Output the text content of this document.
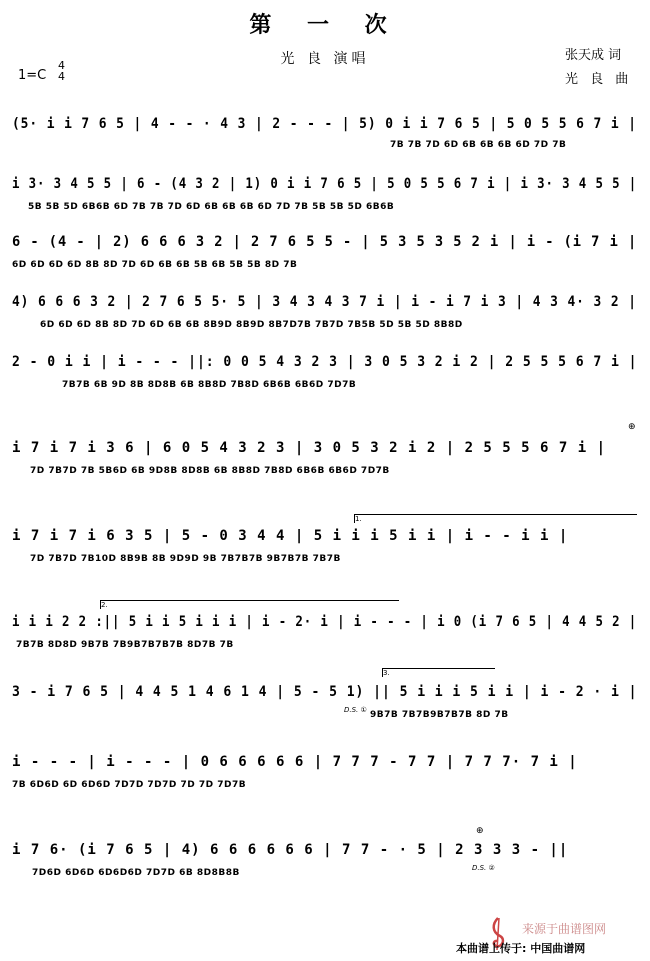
第 一 次
光 良 演唱	张天成 词
光 良 曲
1=C
4
4
(5· i i 7 6 5 | 4 - - · 4 3 | 2 - - - | 5) 0 i i 7 6 5 | 5 0 5 5 6 7 i |
7B 7B 7D 6D 6B 6B 6B 6D 7D 7B
i 3· 3 4 5 5 | 6 - (4 3 2 | 1) 0 i i 7 6 5 | 5 0 5 5 6 7 i | i 3· 3 4 5 5 |
5B 5B 5D 6B6B 6D 7B 7B 7D 6D 6B 6B 6B 6D 7D 7B 5B 5B 5D 6B6B
6 - (4 - | 2) 6 6 6 3 2 | 2 7 6 5 5 - | 5 3 5 3 5 2 i | i - (i 7 i |
6D 6D 6D 6D 8B 8D 7D 6D 6B 6B 5B 6B 5B 5B 8D 7B
4) 6 6 6 3 2 | 2 7 6 5 5· 5 | 3 4 3 4 3 7 i | i - i 7 i 3 | 4 3 4· 3 2 |
6D 6D 6D 8B 8D 7D 6D 6B 6B 8B9D 8B9D 8B7D7B 7B7D 7B5B 5D 5B 5D 8B8D
2 - 0 i i | i - - - ||: 0 0 5 4 3 2 3 | 3 0 5 3 2 i 2 | 2 5 5 5 6 7 i |
7B7B 6B 9D 8B 8D8B 6B 8B8D 7B8D 6B6B 6B6D 7D7B
i 7 i 7 i 3 6 | 6 0 5 4 3 2 3 | 3 0 5 3 2 i 2 | 2 5 5 5 6 7 i |
7D 7B7D 7B 5B6D 6B 9D8B 8D8B 6B 8B8D 7B8D 6B6B 6B6D 7D7B
1.
i 7 i 7 i 6 3 5 | 5 - 0 3 4 4 | 5 i i i 5 i i | i - - i i |
7D 7B7D 7B10D 8B9B 8B 9D9D 9B 7B7B7B 9B7B7B 7B7B
2.
i i i 2 2 :|| 5 i i 5 i i i | i - 2· i | i - - - | i 0 (i 7 6 5 | 4 4 5 2 |
7B7B 8D8D 9B7B 7B9B7B7B7B 8D7B 7B
3.
3 - i 7 6 5 | 4 4 5 1 4 6 1 4 | 5 - 5 1) || 5 i i i 5 i i | i - 2 · i |
D.S. ① 9B7B 7B7B9B7B7B 8D 7B
i - - - | i - - - | 0 6 6 6 6 6 | 7 7 7 - 7 7 | 7 7 7· 7 i |
7B 6D6D 6D 6D6D 7D7D 7D7D 7D 7D 7D7B
i 7 6· (i 7 6 5 | 4) 6 6 6 6 6 6 | 7 7 - · 5 | 2 3 3 3 - ||
D.S. ②
7D6D 6D6D 6D6D6D 7D7D 6B 8D8B8B
⊕
⊕
来源于曲谱图网
本曲谱上传于: 中国曲谱网
